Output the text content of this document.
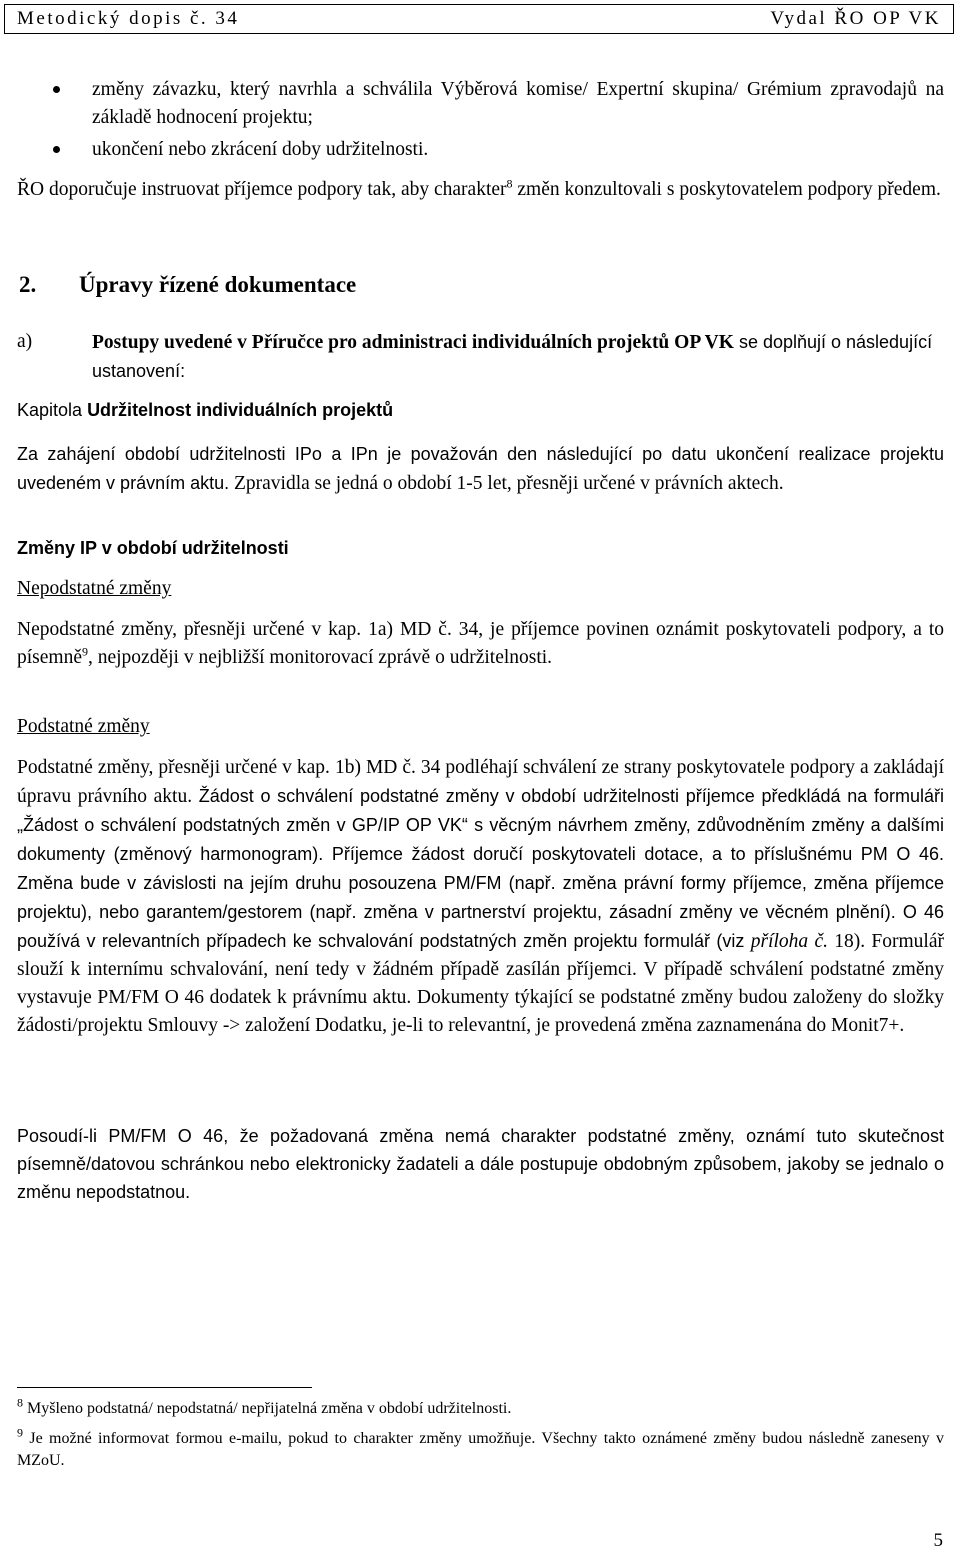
Metodický dopis č. 34	Vydal ŘO OP VK
změny závazku, který navrhla a schválila Výběrová komise/ Expertní skupina/ Grémium zpravodajů na základě hodnocení projektu;
ukončení nebo zkrácení doby udržitelnosti.
ŘO doporučuje instruovat příjemce podpory tak, aby charakter$^8$ změn konzultovali s poskytovatelem podpory předem.
2. Úpravy řízené dokumentace
a)	Postupy uvedené v Příručce pro administraci individuálních projektů OP VK se doplňují o následující ustanovení:
Kapitola Udržitelnost individuálních projektů
Za zahájení období udržitelnosti IPo a IPn je považován den následující po datu ukončení realizace projektu uvedeném v právním aktu. Zpravidla se jedná o období 1-5 let, přesněji určené v právních aktech.
Změny IP v období udržitelnosti
Nepodstatné změny
Nepodstatné změny, přesněji určené v kap. 1a) MD č. 34, je příjemce povinen oznámit poskytovateli podpory, a to písemně$^9$, nejpozději v nejbližší monitorovací zprávě o udržitelnosti.
Podstatné změny
Podstatné změny, přesněji určené v kap. 1b) MD č. 34 podléhají schválení ze strany poskytovatele podpory a zakládají úpravu právního aktu. Žádost o schválení podstatné změny v období udržitelnosti příjemce předkládá na formuláři „Žádost o schválení podstatných změn v GP/IP OP VK“ s věcným návrhem změny, zdůvodněním změny a dalšími dokumenty (změnový harmonogram). Příjemce žádost doručí poskytovateli dotace, a to příslušnému PM O 46. Změna bude v závislosti na jejím druhu posouzena PM/FM (např. změna právní formy příjemce, změna příjemce projektu), nebo garantem/gestorem (např. změna v partnerství projektu, zásadní změny ve věcném plnění). O 46 používá v relevantních případech ke schvalování podstatných změn projektu formulář (viz příloha č. 18). Formulář slouží k internímu schvalování, není tedy v žádném případě zasílán příjemci. V případě schválení podstatné změny vystavuje PM/FM O 46 dodatek k právnímu aktu. Dokumenty týkající se podstatné změny budou založeny do složky žádosti/projektu Smlouvy -> založení Dodatku, je-li to relevantní, je provedená změna zaznamenána do Monit7+.
Posoudí-li PM/FM O 46, že požadovaná změna nemá charakter podstatné změny, oznámí tuto skutečnost písemně/datovou schránkou nebo elektronicky žadateli a dále postupuje obdobným způsobem, jakoby se jednalo o změnu nepodstatnou.
$^8$ Myšleno podstatná/ nepodstatná/ nepřijatelná změna v období udržitelnosti.
$^9$ Je možné informovat formou e-mailu, pokud to charakter změny umožňuje. Všechny takto oznámené změny budou následně zaneseny v MZoU.
5
